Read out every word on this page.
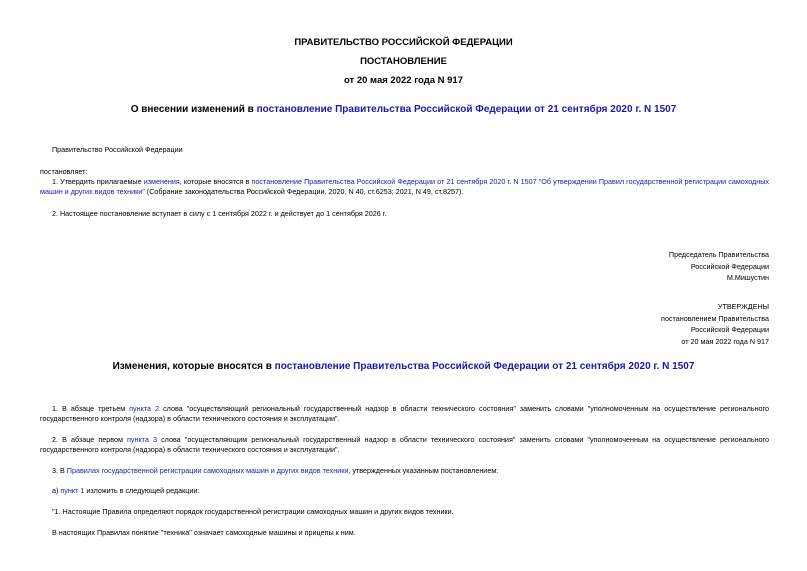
ПРАВИТЕЛЬСТВО РОССИЙСКОЙ ФЕДЕРАЦИИ
ПОСТАНОВЛЕНИЕ
от 20 мая 2022 года N 917
О внесении изменений в постановление Правительства Российской Федерации от 21 сентября 2020 г. N 1507
Правительство Российской Федерации
постановляет:
1. Утвердить прилагаемые изменения, которые вносятся в постановление Правительства Российской Федерации от 21 сентября 2020 г. N 1507 "Об утверждении Правил государственной регистрации самоходных машин и других видов техники" (Собрание законодательства Российской Федерации, 2020, N 40, ст.6253; 2021, N 49, ст.8257).
2. Настоящее постановление вступает в силу с 1 сентября 2022 г. и действует до 1 сентября 2026 г.
Председатель Правительства
Российской Федерации
М.Мишустин
УТВЕРЖДЕНЫ
постановлением Правительства
Российской Федерации
от 20 мая 2022 года N 917
Изменения, которые вносятся в постановление Правительства Российской Федерации от 21 сентября 2020 г. N 1507
1. В абзаце третьем пункта 2 слова "осуществляющий региональный государственный надзор в области технического состояния" заменить словами "уполномоченным на осуществление регионального государственного контроля (надзора) в области технического состояния и эксплуатации".
2. В абзаце первом пункта 3 слова "осуществляющим региональный государственный надзор в области технического состояния" заменить словами "уполномоченным на осуществление регионального государственного контроля (надзора) в области технического состояния и эксплуатации".
3. В Правилах государственной регистрации самоходных машин и других видов техники, утвержденных указанным постановлением:
а) пункт 1 изложить в следующей редакции:
"1. Настоящие Правила определяют порядок государственной регистрации самоходных машин и других видов техники.
В настоящих Правилах понятие "техника" означает самоходные машины и прицепы к ним.
